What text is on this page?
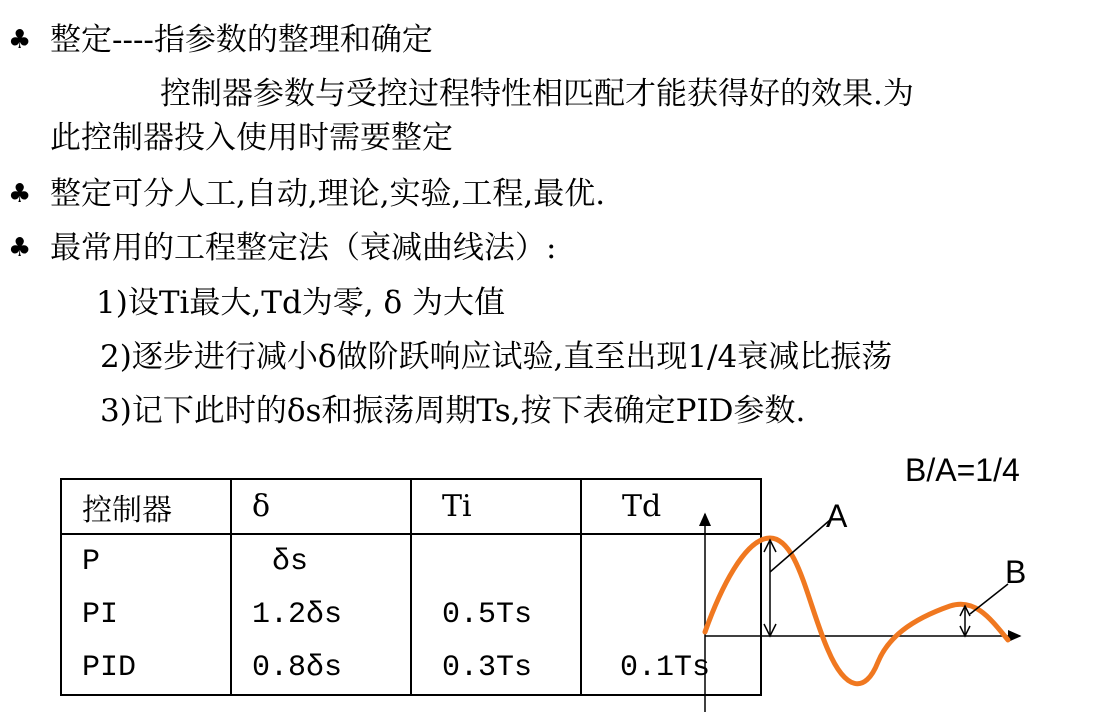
♣ 整定----指参数的整理和确定
控制器参数与受控过程特性相匹配才能获得好的效果.为
此控制器投入使用时需要整定
♣ 整定可分人工,自动,理论,实验,工程,最优.
♣ 最常用的工程整定法（衰减曲线法）:
1)设Ti最大,Td为零, δ 为大值
2)逐步进行减小δ做阶跃响应试验,直至出现1/4衰减比振荡
3)记下此时的δs和振荡周期Ts,按下表确定PID参数.
控制器	δ	Ti	Td
P	δs		
PI	1.2δs	0.5Ts	
PID	0.8δs	0.3Ts	0.1Ts
B/A=1/4
A
B
